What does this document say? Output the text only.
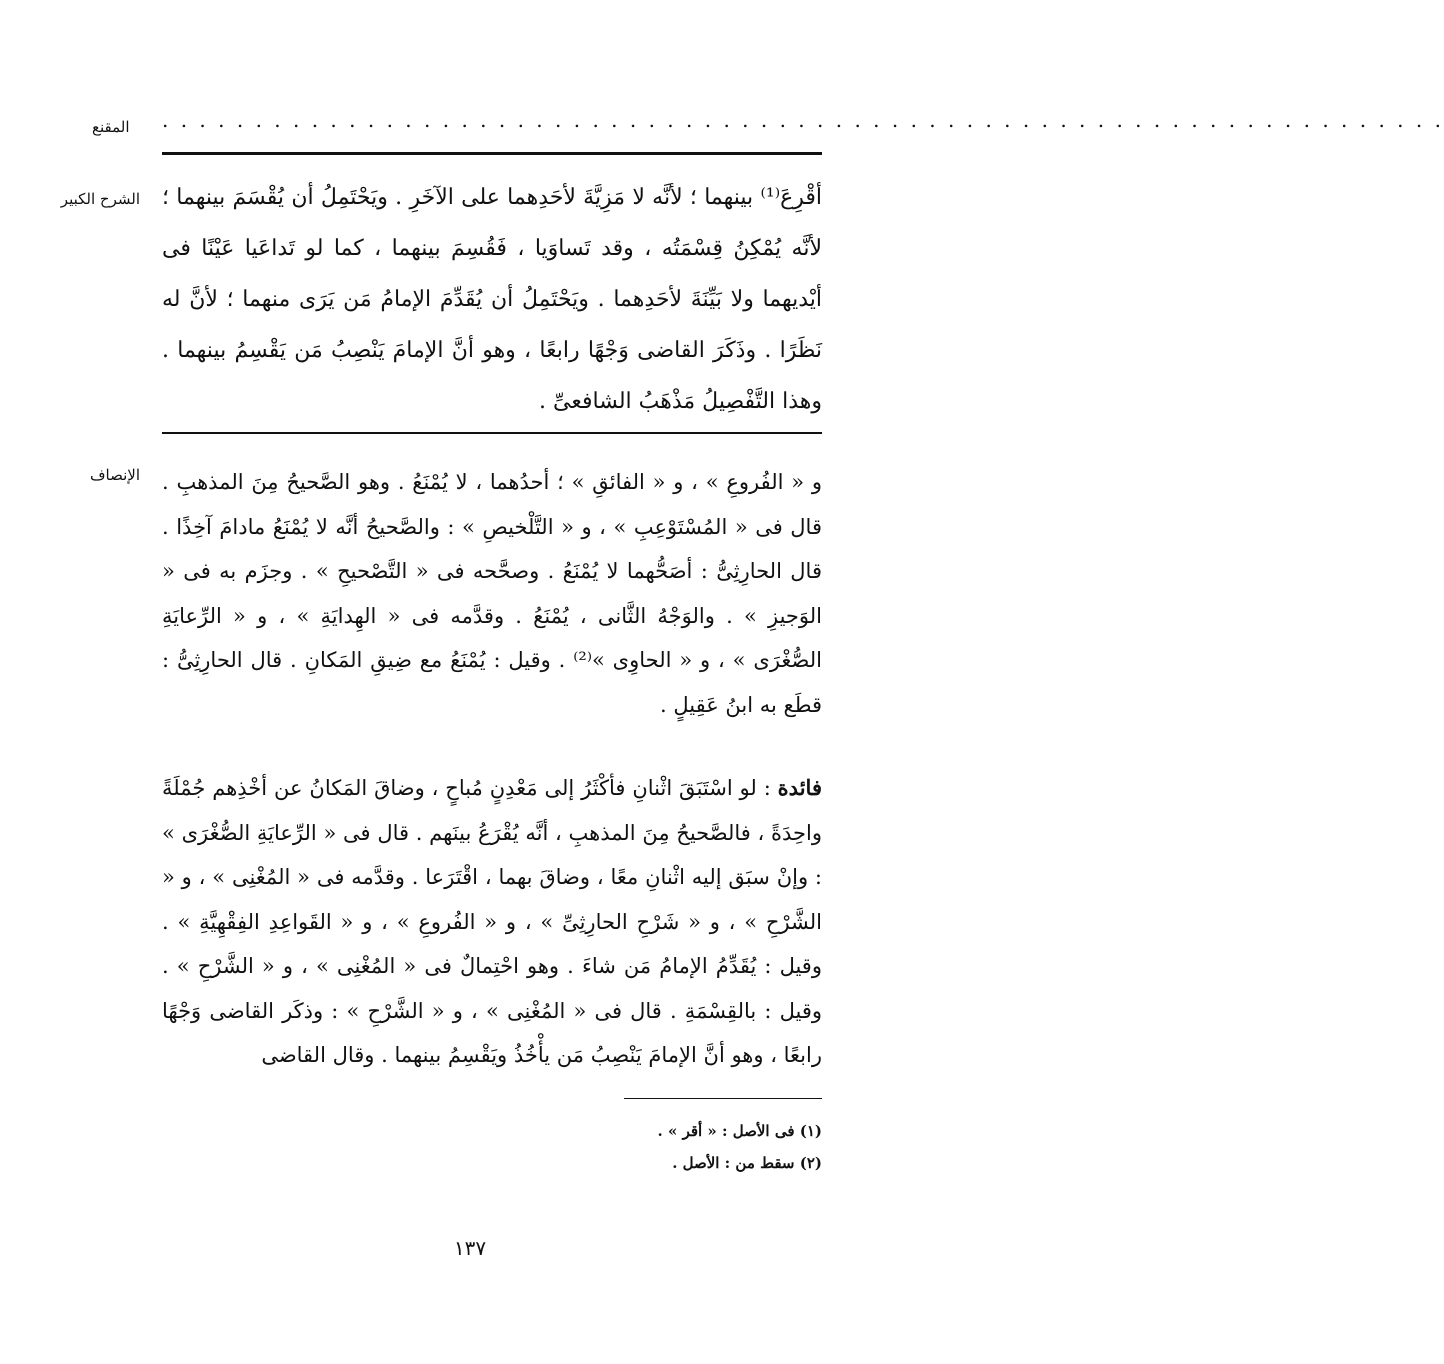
المقنع	. . . . . . . . . . . . . . . . . . . . . . . . . . . . . . . . . . . . . . . . . . . . . . . . . . . . . . . . . . . . . . . . . . . . .
الشرح الكبير أقْرِعَ⁽¹⁾ بينهما ؛ لأنَّه لا مَزِيَّةَ لأحَدِهما على الآخَرِ . ويَحْتَمِلُ أن يُقْسَمَ بينهما ؛ لأنَّه يُمْكِنُ قِسْمَتُه ، وقد تَساوَيا ، فَقُسِمَ بينهما ، كما لو تَداعَيا عَيْنًا فى أيْديهما ولا بَيِّنَةَ لأحَدِهما . ويَحْتَمِلُ أن يُقَدِّمَ الإمامُ مَن يَرَى منهما ؛ لأنَّ له نَظَرًا . وذَكَرَ القاضى وَجْهًا رابعًا ، وهو أنَّ الإمامَ يَنْصِبُ مَن يَقْسِمُ بينهما . وهذا التَّفْصِيلُ مَذْهَبُ الشافعىِّ .
الإنصاف و « الفُروعِ » ، و « الفائقِ » ؛ أحدُهما ، لا يُمْنَعُ . وهو الصَّحيحُ مِنَ المذهبِ . قال فى « المُسْتَوْعِبِ » ، و « التَّلْخيصِ » : والصَّحيحُ أنَّه لا يُمْنَعُ مادامَ آخِذًا . قال الحارِثِىُّ : أصَحُّهما لا يُمْنَعُ . وصحَّحه فى « التَّصْحيحِ » . وجزَم به فى « الوَجيزِ » . والوَجْهُ الثَّانى ، يُمْنَعُ . وقدَّمه فى « الهِدايَةِ » ، و « الرِّعايَةِ الصُّغْرَى » ، و « الحاوِى »⁽²⁾ . وقيل : يُمْنَعُ مع ضِيقِ المَكانِ . قال الحارِثِىُّ : قطَع به ابنُ عَقِيلٍ .
فائدة : لو اسْتَبَقَ اثْنانِ فأكْثَرُ إلى مَعْدِنٍ مُباحٍ ، وضاقَ المَكانُ عن أخْذِهم جُمْلَةً واحِدَةً ، فالصَّحيحُ مِنَ المذهبِ ، أنَّه يُقْرَعُ بينَهم . قال فى « الرِّعايَةِ الصُّغْرَى » : وإنْ سبَق إليه اثْنانِ معًا ، وضاقَ بهما ، اقْتَرَعا . وقدَّمه فى « المُغْنِى » ، و « الشَّرْحِ » ، و « شَرْحِ الحارِثِىِّ » ، و « الفُروعِ » ، و « القَواعِدِ الفِقْهِيَّةِ » . وقيل : يُقَدِّمُ الإمامُ مَن شاءَ . وهو احْتِمالٌ فى « المُغْنِى » ، و « الشَّرْحِ » . وقيل : بالقِسْمَةِ . قال فى « المُغْنِى » ، و « الشَّرْحِ » : وذكَر القاضى وَجْهًا رابعًا ، وهو أنَّ الإمامَ يَنْصِبُ مَن يأْخُذُ ويَقْسِمُ بينهما . وقال القاضى
(١) فى الأصل : « أقر » .
(٢) سقط من : الأصل .
١٣٧
